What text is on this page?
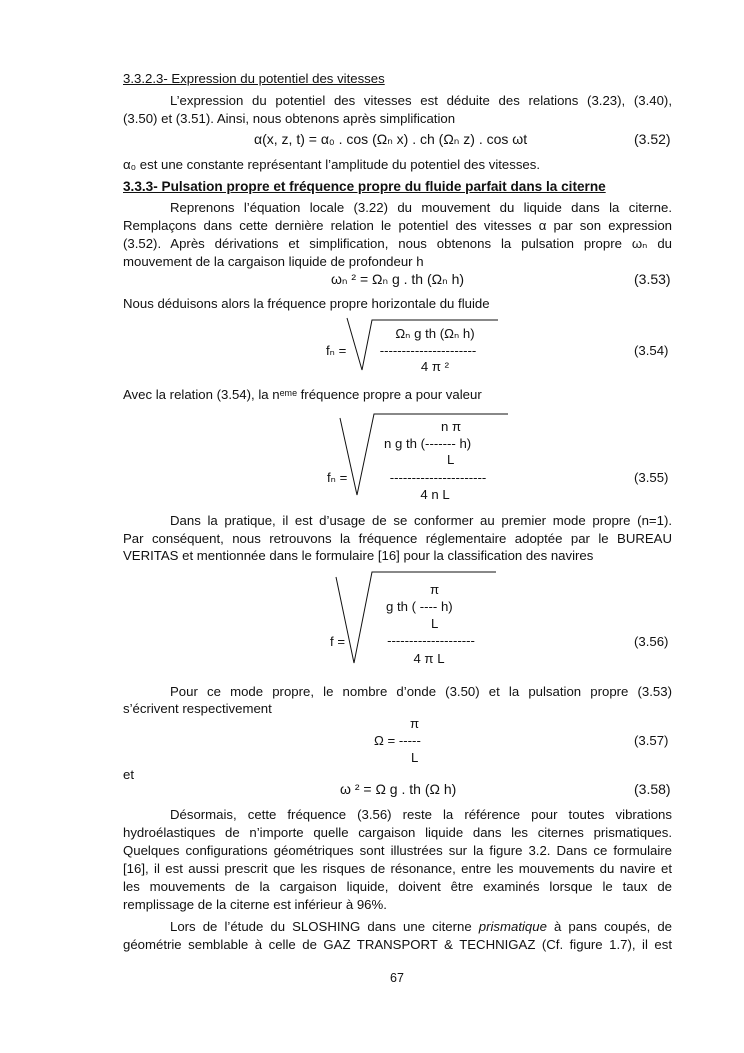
3.3.2.3- Expression du potentiel des vitesses
L’expression du potentiel des vitesses est déduite des relations (3.23), (3.40),
(3.50) et (3.51). Ainsi, nous obtenons après simplification
α(x, z, t) = α₀ . cos (Ωₙ x) . ch (Ωₙ z) . cos ωt	(3.52)
α₀ est une constante représentant l’amplitude du potentiel des vitesses.
3.3.3- Pulsation propre et fréquence propre du fluide parfait dans la citerne
Reprenons l’équation locale (3.22) du mouvement du liquide dans la citerne.
Remplaçons dans cette dernière relation le potentiel des vitesses α par son expression
(3.52). Après dérivations et simplification, nous obtenons la pulsation propre ωₙ du
mouvement de la cargaison liquide de profondeur h
ωₙ ² = Ωₙ g . th (Ωₙ h)	(3.53)
Nous déduisons alors la fréquence propre horizontale du fluide
fₙ =
Ωₙ g th (Ωₙ h)
----------------------
4 π ²
(3.54)
Avec la relation (3.54), la nᵉᵐᵉ fréquence propre a pour valeur
fₙ =
n π
n g th (------- h)
L
----------------------
4 n L
(3.55)
Dans la pratique, il est d’usage de se conformer au premier mode propre (n=1).
Par conséquent, nous retrouvons la fréquence réglementaire adoptée par le BUREAU
VERITAS et mentionnée dans le formulaire [16] pour la classification des navires
f =
π
g th ( ---- h)
L
--------------------
4 π L
(3.56)
Pour ce mode propre, le nombre d’onde (3.50) et la pulsation propre (3.53)
s’écrivent respectivement
π
Ω = -----
L
(3.57)
et
ω ² = Ω g . th (Ω h)	(3.58)
Désormais, cette fréquence (3.56) reste la référence pour toutes vibrations
hydroélastiques de n’importe quelle cargaison liquide dans les citernes prismatiques.
Quelques configurations géométriques sont illustrées sur la figure 3.2. Dans ce formulaire
[16], il est aussi prescrit que les risques de résonance, entre les mouvements du navire et
les mouvements de la cargaison liquide, doivent être examinés lorsque le taux de
remplissage de la citerne est inférieur à 96%.
Lors de l’étude du SLOSHING dans une citerne prismatique à pans coupés, de
géométrie semblable à celle de GAZ TRANSPORT & TECHNIGAZ (Cf. figure 1.7), il est
67
